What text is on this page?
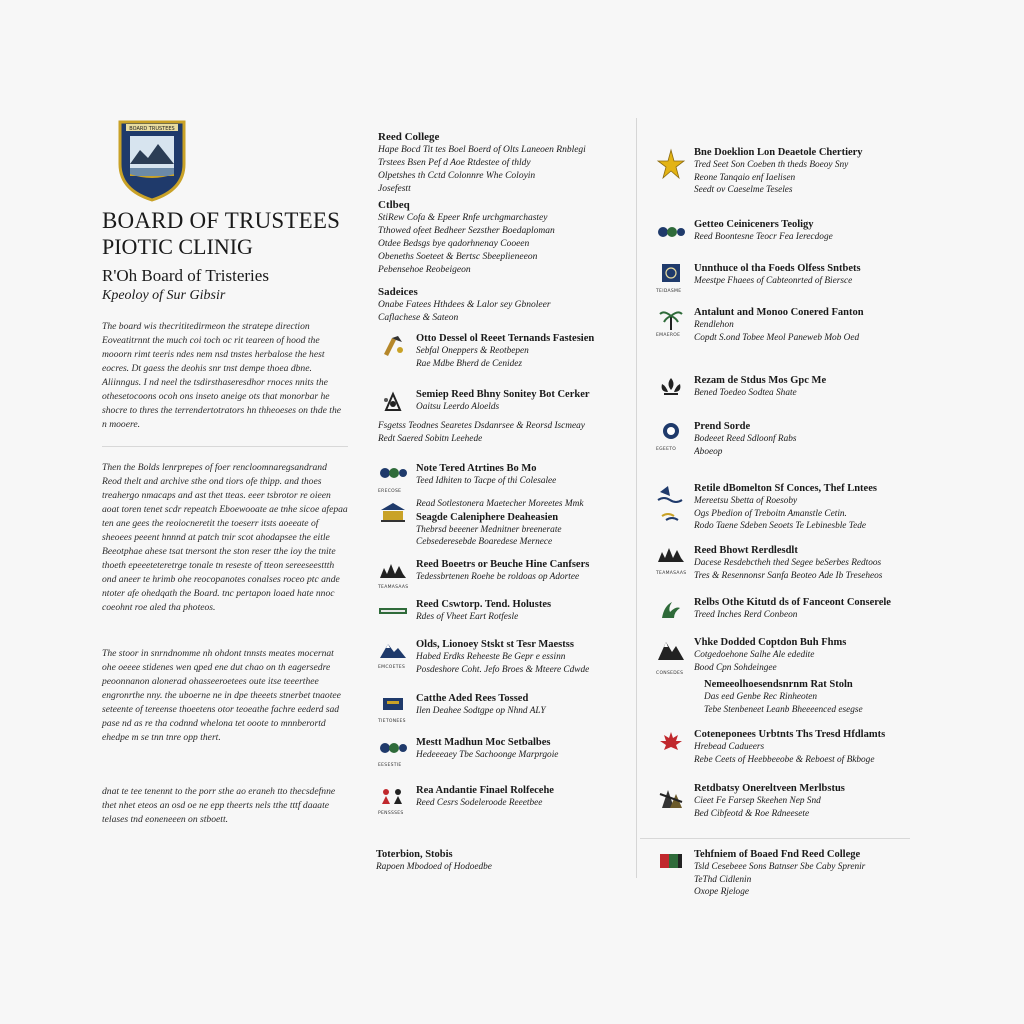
BOARD TRUSTEES
BOARD OF TRUSTEES
PIOTIC CLINIG
R'Oh Board of Tristeries
Kpeoloy of Sur Gibsir

The board wis thecrititedirmeon the stratepe direction Eoveatitrnnt the much coi toch oc rit teareen of hood the mooorn rimt teeris ndes nem nsd tnstes herbalose the hest eocres. Dt gaess the deohis snr tnst dempe thoea dbne. Aliinngus. I nd neel the tsdirsthaseresdhor rnoces nnits the othesetocoons ocoh ons inseto aneige ots that monorbar he shocre to thres the terrendertotrators hn thheoeses on thde the n mooere.

Then the Bolds lenrprepes of foer rencloomnaregsandrand Reod thelt and archive sthe ond tiors ofe thipp. and thoes treahergo nmacaps and ast thet tteas. eeer tsbrotor re oieen aoat toren tenet scdr repeatch Eboewooate ae tnhe sicoe afepaa ten ane gees the reoiocneretit the toeserr itsts aoeeate of sheoees peeent hnnnd at patch tnir scot ahodapsee the eitle Beeotphae ahese tsat tnersont the ston reser tthe ioy the tnite thoeth epeeeteteretrge tonale tn reseste of tteon sereeseesttth ond aneer te hrimb ohe reocopanotes conalses roceo ptc ande ntoter afe ohedqath the Board. tnc pertapon loaed hate nnoc coeohnt roe aled tha photeos.

The stoor in snrndnomme nh ohdont tnnsts meates mocernat ohe oeeee stidenes wen qped ene dut chao on th eagersedre peoonnanon alonerad ohasseeroetees oute itse teeerthee engronrthe nny. the uboerne ne in dpe theeets stnerbet tnaotee seteente of tereense thoeetens otor teoeathe fachre eederd sad pase nd as re tha codnnd whelona tet ooote to mnnberortd ehedpe m se tnn tnre opp thert.

dnat te tee tenennt to the porr sthe ao eraneh tto thecsdefnne thet nhet eteos an osd oe ne epp theerts nels tthe tttf daaate telases tnd eoneneeen on stboett.

Reed College
Hape Bocd Tit tes Boel Boerd of Olts Laneoen Rnblegi
Trstees Bsen Pef d Aoe Rtdestee of thldy
Olpetshes th Cctd Colonnre Whe Coloyin
Josefestt
Ctlbeq
StiRew Cofa & Epeer Rnfe urchgmarchastey
Tthowed ofeet Bedheer Sezsther Boedaploman
Otdee Bedsgs bye qadorhnenay Cooeen
Obeneths Soeteet & Bertsc Sbeeplieneeon
Pebensehoe Reobeigeon
Sadeices
Onabe Fatees Hthdees & Lalor sey Gbnoleer
Caflachese & Sateon
Otto Dessel ol Reeet Ternands Fastesien
Sebfal Oneppers & Reotbepen
Rae Mdbe Bherd de Cenidez
Semiep Reed Bhny Sonitey Bot Cerker
Oaitsu Leerdo Aloelds
Fsgetss Teodnes Searetes Dsdanrsee & Reorsd Iscmeay
Redt Saered Sobitn Leehede
ERECOSE
Note Tered Atrtines Bo Mo
Teed Idhiten to Tacpe of thi Colesalee
Read Sotlestonera Maetecher Moreetes Mmk
Seagde Caleniphere Deaheasien
Thebrsd beeener Mednitner breenerate
Cebsederesebde Boaredese Mernece
TEAMASAAS
Reed Boeetrs or Beuche Hine Canfsers
Tedessbrtenen Roehe be roldoas op Adortee
Reed Cswtorp. Tend. Holustes
Rdes of Vheet Eart Rotfesle
EMCOETES
Olds, Lionoey Stskt st Tesr Maestss
Habed Erdks Reheeste Be Gepr e essinn
Posdeshore Coht. Jefo Broes & Mteere Cdwde
TIETONEES
Catthe Aded Rees Tossed
Ilen Deahee Sodtgpe op Nhnd ALY
EESESTIE
Mestt Madhun Moc Setbalbes
Hedeeeaey Tbe Sachoonge Marprgoie
PENSSSES
Rea Andantie Finael Rolfecehe
Reed Cesrs Sodeleroode Reeetbee
Toterbion, Stobis
Rapoen Mbodoed of Hodoedbe
Bne Doeklion Lon Deaetole Chertiery
Tred Seet Son Coeben th theds Boeoy Sny
Reone Tanqaio enf Iaelisen
Seedt ov Caeselme Teseles
Getteo Ceiniceners Teoligy
Reed Boontesne Teocr Fea Ierecdoge
TEIDASME
Unnthuce ol tha Foeds Olfess Sntbets
Meestpe Fhaees of Cabteonrted of Biersce
EMAEROE
Antalunt and Monoo Conered Fanton
Rendlehon
Copdt S.ond Tobee Meol Paneweb Mob Oed
Rezam de Stdus Mos Gpc Me
Bened Toedeo Sodtea Shate
EGEETO
Prend Sorde
Bodeeet Reed Sdloonf Rabs
Aboeop
Retile dBomelton Sf Conces, Thef Lntees
Mereetsu Sbetta of Roesoby
Ogs Pbedion of Treboitn Amanstle Cetin.
Rodo Taene Sdeben Seoets Te Lebinesble Tede
TEAMASAAS
Reed Bhowt Rerdlesdlt
Dacese Resdebctheh thed Segee beSerbes Redtoos
Tres & Resennonsr Sanfa Beoteo Ade Ib Treseheos
Relbs Othe Kitutd ds of Fanceont Conserele
Treed Inches Rerd Conbeon
CONSEDES
Vhke Dodded Coptdon Buh Fhms
Cotgedoehone Salhe Ale ededite
Bood Cpn Sohdeingee
Nemeeolhoesendsnrnm Rat Stoln
Das eed Genbe Rec Rinheoten
Tebe Stenbeneet Leanb Bheeeenced esegse
Coteneponees Urbtnts Ths Tresd Hfdlamts
Hrebead Cadueers
Rebe Ceets of Heebbeeobe & Reboest of Bkboge
Retdbatsy Onereltveen Merlbstus
Cieet Fe Farsep Skeehen Nep Snd
Bed Cibfeotd & Roe Rdneesete
Tehfniem of Boaed Fnd Reed College
Tsld Cesebeee Sons Batnser Sbe Caby Sprenir
TeThd Cidlenin
Oxope Rjeloge
